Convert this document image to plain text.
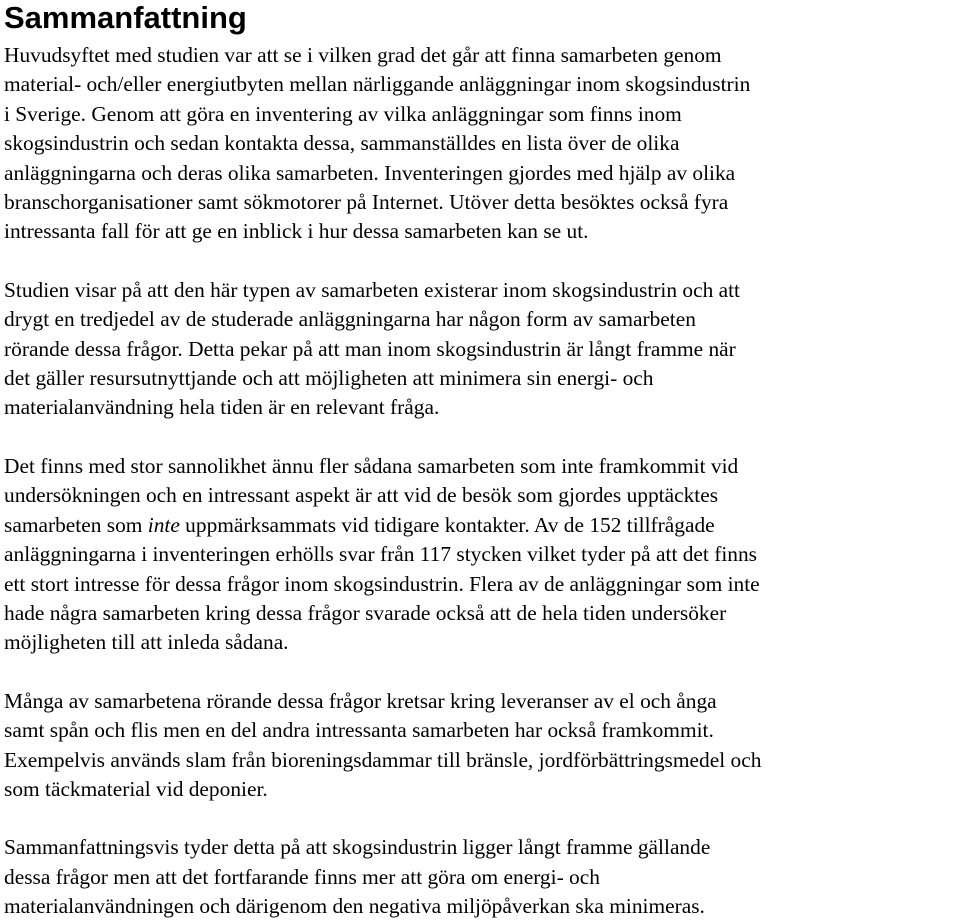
Sammanfattning

Huvudsyftet med studien var att se i vilken grad det går att finna samarbeten genom
material- och/eller energiutbyten mellan närliggande anläggningar inom skogsindustrin
i Sverige. Genom att göra en inventering av vilka anläggningar som finns inom
skogsindustrin och sedan kontakta dessa, sammanställdes en lista över de olika
anläggningarna och deras olika samarbeten. Inventeringen gjordes med hjälp av olika
branschorganisationer samt sökmotorer på Internet. Utöver detta besöktes också fyra
intressanta fall för att ge en inblick i hur dessa samarbeten kan se ut.

Studien visar på att den här typen av samarbeten existerar inom skogsindustrin och att
drygt en tredjedel av de studerade anläggningarna har någon form av samarbeten
rörande dessa frågor. Detta pekar på att man inom skogsindustrin är långt framme när
det gäller resursutnyttjande och att möjligheten att minimera sin energi- och
materialanvändning hela tiden är en relevant fråga.

Det finns med stor sannolikhet ännu fler sådana samarbeten som inte framkommit vid
undersökningen och en intressant aspekt är att vid de besök som gjordes upptäcktes
samarbeten som inte uppmärksammats vid tidigare kontakter. Av de 152 tillfrågade
anläggningarna i inventeringen erhölls svar från 117 stycken vilket tyder på att det finns
ett stort intresse för dessa frågor inom skogsindustrin. Flera av de anläggningar som inte
hade några samarbeten kring dessa frågor svarade också att de hela tiden undersöker
möjligheten till att inleda sådana.

Många av samarbetena rörande dessa frågor kretsar kring leveranser av el och ånga
samt spån och flis men en del andra intressanta samarbeten har också framkommit.
Exempelvis används slam från bioreningsdammar till bränsle, jordförbättringsmedel och
som täckmaterial vid deponier.

Sammanfattningsvis tyder detta på att skogsindustrin ligger långt framme gällande
dessa frågor men att det fortfarande finns mer att göra om energi- och
materialanvändningen och därigenom den negativa miljöpåverkan ska minimeras.
